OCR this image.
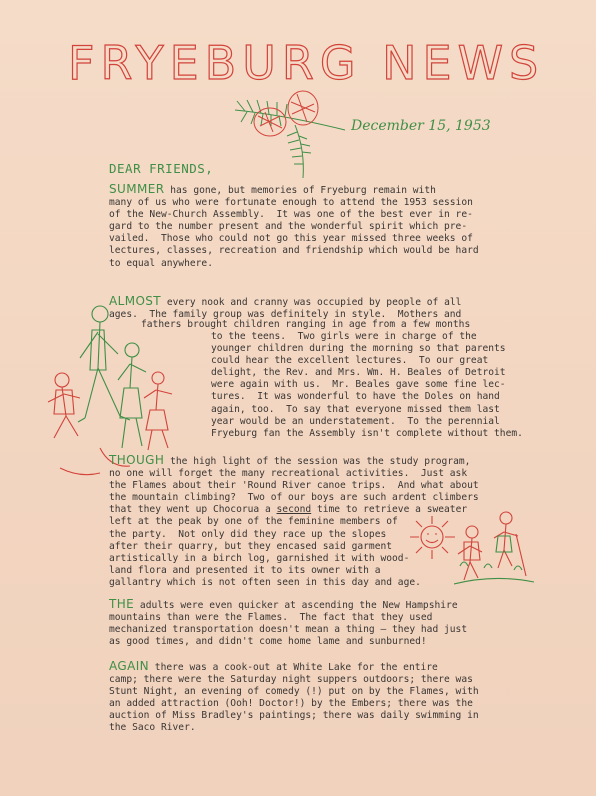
FRYEBURG NEWS
December 15, 1953
DEAR FRIENDS,
SUMMER has gone, but memories of Fryeburg remain with
many of us who were fortunate enough to attend the 1953 session
of the New-Church Assembly.  It was one of the best ever in re-
gard to the number present and the wonderful spirit which pre-
vailed.  Those who could not go this year missed three weeks of
lectures, classes, recreation and friendship which would be hard
to equal anywhere.
ALMOST every nook and cranny was occupied by people of all
ages.  The family group was definitely in style.  Mothers and
fathers brought children ranging in age from a few months
to the teens.  Two girls were in charge of the
younger children during the morning so that parents
could hear the excellent lectures.  To our great
delight, the Rev. and Mrs. Wm. H. Beales of Detroit
were again with us.  Mr. Beales gave some fine lec-
tures.  It was wonderful to have the Doles on hand
again, too.  To say that everyone missed them last
year would be an understatement.  To the perennial
Fryeburg fan the Assembly isn't complete without them.
THOUGH the high light of the session was the study program,
no one will forget the many recreational activities.  Just ask
the Flames about their 'Round River canoe trips.  And what about
the mountain climbing?  Two of our boys are such ardent climbers
that they went up Chocorua a second time to retrieve a sweater
left at the peak by one of the feminine members of
the party.  Not only did they race up the slopes
after their quarry, but they encased said garment
artistically in a birch log, garnished it with wood-
land flora and presented it to its owner with a
gallantry which is not often seen in this day and age.
THE adults were even quicker at ascending the New Hampshire
mountains than were the Flames.  The fact that they used
mechanized transportation doesn't mean a thing — they had just
as good times, and didn't come home lame and sunburned!
AGAIN there was a cook-out at White Lake for the entire
camp; there were the Saturday night suppers outdoors; there was
Stunt Night, an evening of comedy (!) put on by the Flames, with
an added attraction (Ooh! Doctor!) by the Embers; there was the
auction of Miss Bradley's paintings; there was daily swimming in
the Saco River.
